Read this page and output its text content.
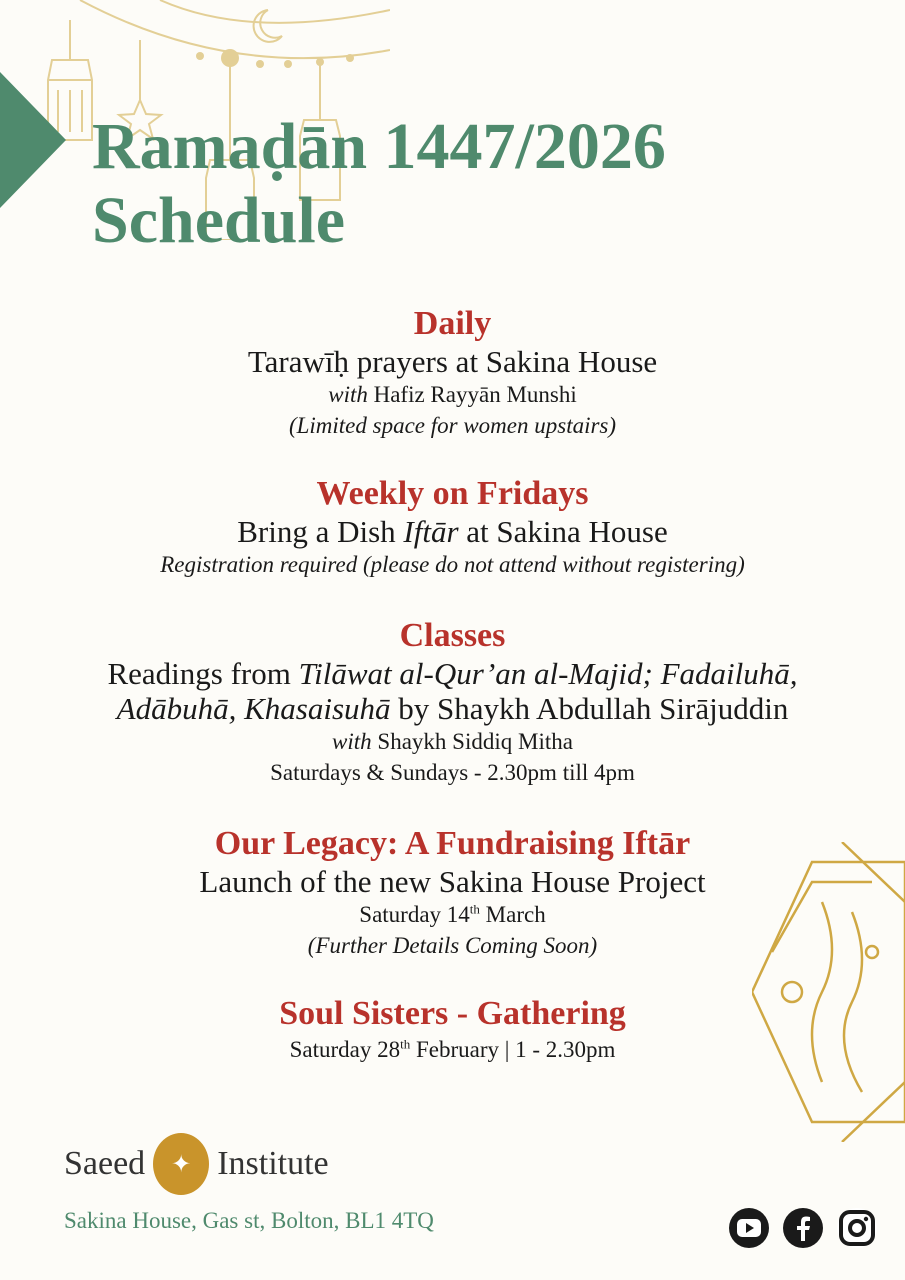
Ramaḍān 1447/2026
Schedule
Daily
Tarawīḥ prayers at Sakina House
with Hafiz Rayyān Munshi
(Limited space for women upstairs)
Weekly on Fridays
Bring a Dish Iftār at Sakina House
Registration required (please do not attend without registering)
Classes
Readings from Tilāwat al-Qur’an al-Majid; Fadailuhā,
Adābuhā, Khasaisuhā by Shaykh Abdullah Sirājuddin
with Shaykh Siddiq Mitha
Saturdays & Sundays - 2.30pm till 4pm
Our Legacy: A Fundraising Iftār
Launch of the new Sakina House Project
Saturday 14th March
(Further Details Coming Soon)
Soul Sisters - Gathering
Saturday 28th February | 1 - 2.30pm
Saeed	✦ Institute
Sakina House, Gas st, Bolton, BL1 4TQ
